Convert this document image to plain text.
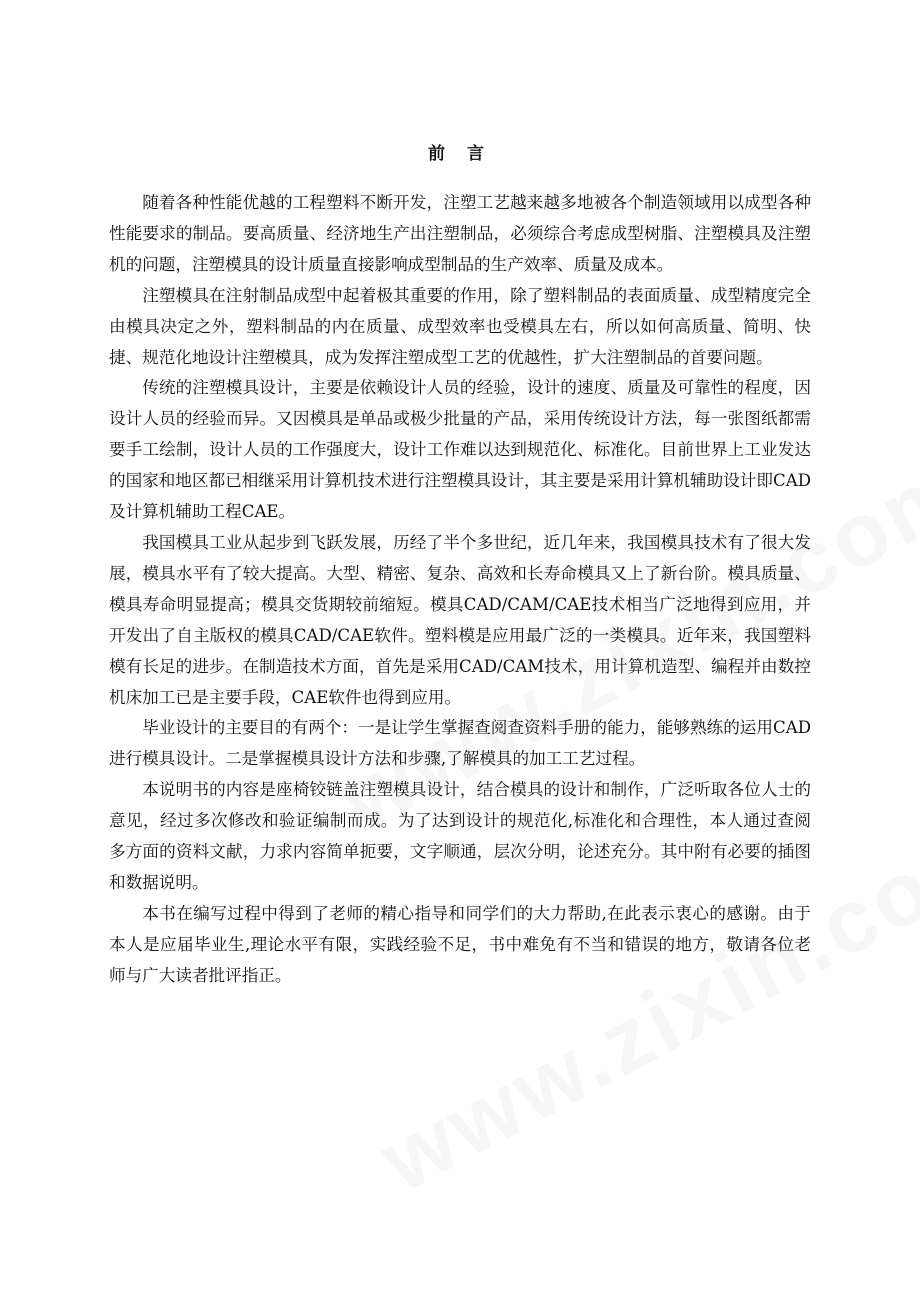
前 言

随着各种性能优越的工程塑料不断开发，注塑工艺越来越多地被各个制造领域用以成型各种性能要求的制品。要高质量、经济地生产出注塑制品，必须综合考虑成型树脂、注塑模具及注塑机的问题，注塑模具的设计质量直接影响成型制品的生产效率、质量及成本。

注塑模具在注射制品成型中起着极其重要的作用，除了塑料制品的表面质量、成型精度完全由模具决定之外，塑料制品的内在质量、成型效率也受模具左右，所以如何高质量、简明、快捷、规范化地设计注塑模具，成为发挥注塑成型工艺的优越性，扩大注塑制品的首要问题。

传统的注塑模具设计，主要是依赖设计人员的经验，设计的速度、质量及可靠性的程度，因设计人员的经验而异。又因模具是单品或极少批量的产品，采用传统设计方法，每一张图纸都需要手工绘制，设计人员的工作强度大，设计工作难以达到规范化、标准化。目前世界上工业发达的国家和地区都已相继采用计算机技术进行注塑模具设计，其主要是采用计算机辅助设计即CAD及计算机辅助工程CAE。

我国模具工业从起步到飞跃发展，历经了半个多世纪，近几年来，我国模具技术有了很大发展，模具水平有了较大提高。大型、精密、复杂、高效和长寿命模具又上了新台阶。模具质量、模具寿命明显提高；模具交货期较前缩短。模具CAD/CAM/CAE技术相当广泛地得到应用，并开发出了自主版权的模具CAD/CAE软件。塑料模是应用最广泛的一类模具。近年来，我国塑料模有长足的进步。在制造技术方面，首先是采用CAD/CAM技术，用计算机造型、编程并由数控机床加工已是主要手段，CAE软件也得到应用。

毕业设计的主要目的有两个：一是让学生掌握查阅查资料手册的能力，能够熟练的运用CAD进行模具设计。二是掌握模具设计方法和步骤,了解模具的加工工艺过程。

本说明书的内容是座椅铰链盖注塑模具设计，结合模具的设计和制作，广泛听取各位人士的意见，经过多次修改和验证编制而成。为了达到设计的规范化,标准化和合理性，本人通过查阅多方面的资料文献，力求内容简单扼要，文字顺通，层次分明，论述充分。其中附有必要的插图和数据说明。

本书在编写过程中得到了老师的精心指导和同学们的大力帮助,在此表示衷心的感谢。由于本人是应届毕业生,理论水平有限，实践经验不足，书中难免有不当和错误的地方，敬请各位老师与广大读者批评指正。
